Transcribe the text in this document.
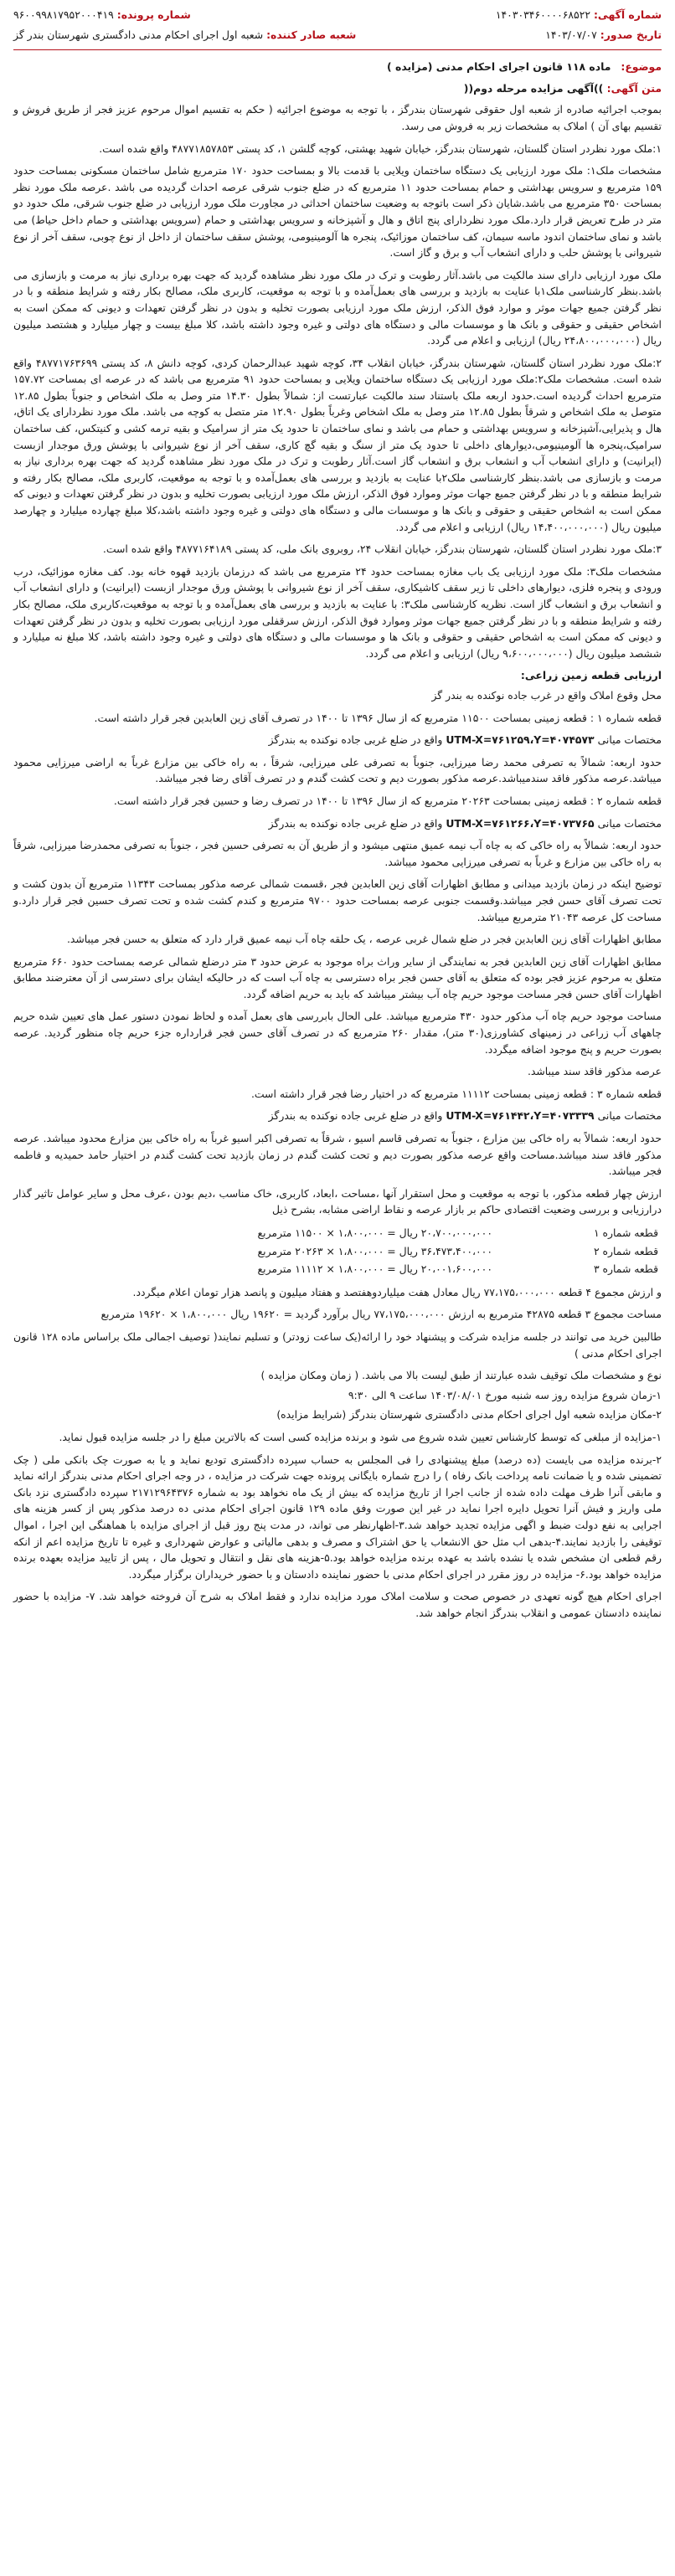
شماره آگهی: ۱۴۰۳۰۳۴۶۰۰۰۰۶۸۵۲۲
تاریخ صدور: ۱۴۰۳/۰۷/۰۷
شماره پرونده: ۹۶۰۰۹۹۸۱۷۹۵۲۰۰۰۴۱۹
شعبه صادر کننده: شعبه اول اجرای احکام مدنی دادگستری شهرستان بندر گز
موضوع:
ماده ۱۱۸ قانون اجرای احکام مدنی (مزایده )
متن آگهی: ))آگهی مزایده مرحله دوم((

بموجب اجرائیه صادره از شعبه اول حقوقی شهرستان بندرگز ، با توجه به موضوع اجرائیه ( حکم به تقسیم اموال مرحوم عزیز فجر از طریق فروش و تقسیم بهای آن ) املاک به مشخصات زیر به فروش می رسد.

۱:ملک مورد نظردر استان گلستان، شهرستان بندرگز، خیابان شهید بهشتی، کوچه گلشن ۱، کد پستی ۴۸۷۷۱۸۵۷۸۵۳ واقع شده است.

مشخصات ملک۱: ملک مورد ارزیابی یک دستگاه ساختمان ویلایی با قدمت بالا و بمساحت حدود ۱۷۰ مترمربع شامل ساختمان مسکونی بمساحت حدود ۱۵۹ مترمربع و سرویس بهداشتی و حمام بمساحت حدود ۱۱ مترمربع که در ضلع جنوب شرقی عرصه احداث گردیده می باشد .عرصه ملک مورد نظر بمساحت ۳۵۰ مترمربع می باشد.شایان ذکر است باتوجه به وضعیت ساختمان احداثی در مجاورت ملک مورد ارزیابی در ضلع جنوب شرقی، ملک حدود دو متر در طرح تعریض قرار دارد.ملک مورد نظردارای پنج اتاق و هال و آشپزخانه و سرویس بهداشتی و حمام (سرویس بهداشتی و حمام داخل حیاط) می باشد و نمای ساختمان اندود ماسه سیمان، کف ساختمان موزائیک، پنجره ها آلومینیومی، پوشش سقف ساختمان از داخل از نوع چوبی، سقف آخر از نوع شیروانی با پوشش حلب و دارای انشعاب آب و برق و گاز است.

ملک مورد ارزیابی دارای سند مالکیت می باشد.آثار رطوبت و ترک در ملک مورد نظر مشاهده گردید که جهت بهره برداری نیاز به مرمت و بازسازی می باشد.بنظر کارشناسی ملک۱با عنایت به بازدید و بررسی های بعمل‌آمده و با توجه به موقعیت، کاربری ملک، مصالح بکار رفته و شرایط منطقه و با در نظر گرفتن جمیع جهات موثر و موارد فوق الذکر، ارزش ملک مورد ارزیابی بصورت تخلیه و بدون در نظر گرفتن تعهدات و دیونی که ممکن است به اشخاص حقیقی و حقوقی و بانک ها و موسسات مالی و دستگاه های دولتی و غیره وجود داشته باشد، کلا مبلغ بیست و چهار میلیارد و هشتصد میلیون ریال (۲۴،۸۰۰،۰۰۰،۰۰۰ ریال) ارزیابی و اعلام می گردد.

۲:ملک مورد نظردر استان گلستان، شهرستان بندرگز، خیابان انقلاب ۳۴، کوچه شهید عبدالرحمان کردی، کوچه دانش ۸، کد پستی ۴۸۷۷۱۷۶۳۶۹۹ واقع شده است. مشخصات ملک۲:ملک مورد ارزیابی یک دستگاه ساختمان ویلایی و بمساحت حدود ۹۱ مترمربع می باشد که در عرصه ای بمساحت ۱۵۷.۷۲ مترمربع احداث گردیده است.حدود اربعه ملک باستناد سند مالکیت عبارتست از: شمالاً بطول ۱۴.۳۰ متر وصل به ملک اشخاص و جنوباً بطول ۱۲.۸۵ متوصل به ملک اشخاص و شرقاً بطول ۱۲.۸۵ متر وصل به ملک اشخاص وغرباً بطول ۱۲.۹۰ متر متصل به کوچه می باشد. ملک مورد نظردارای یک اتاق، هال و پذیرایی،آشپزخانه و سرویس بهداشتی و حمام می باشد و نمای ساختمان تا حدود یک متر از سرامیک و بقیه ترمه کشی و کنیتکس، کف ساختمان سرامیک،پنجره ها آلومینیومی،دیوارهای داخلی تا حدود یک متر از سنگ و بقیه گچ کاری، سقف آخر از نوع شیروانی با پوشش ورق موجدار ازبست (ایرانیت) و دارای انشعاب آب و انشعاب برق و انشعاب گاز است.آثار رطوبت و ترک در ملک مورد نظر مشاهده گردید که جهت بهره برداری نیاز به مرمت و بازسازی می باشد.بنظر کارشناسی ملک۲با عنایت به بازدید و بررسی های بعمل‌آمده و با توجه به موقعیت، کاربری ملک، مصالح بکار رفته و شرایط منطقه و با در نظر گرفتن جمیع جهات موثر وموارد فوق الذکر، ارزش ملک مورد ارزیابی بصورت تخلیه و بدون در نظر گرفتن تعهدات و دیونی که ممکن است به اشخاص حقیقی و حقوقی و بانک ها و موسسات مالی و دستگاه های دولتی و غیره وجود داشته باشد،کلا مبلغ چهارده میلیارد و چهارصد میلیون ریال (۱۴،۴۰۰،۰۰۰،۰۰۰ ریال) ارزیابی و اعلام می گردد.

۳:ملک مورد نظردر استان گلستان، شهرستان بندرگز، خیابان انقلاب ۲۴، روبروی بانک ملی، کد پستی ۴۸۷۷۱۶۴۱۸۹ واقع شده است.

مشخصات ملک۳: ملک مورد ارزیابی یک باب مغازه بمساحت حدود ۲۴ مترمربع می باشد که درزمان بازدید قهوه خانه بود. کف مغازه موزائیک، درب ورودی و پنجره فلزی، دیوارهای داخلی تا زیر سقف کاشیکاری، سقف آخر از نوع شیروانی با پوشش ورق موجدار ازبست (ایرانیت) و دارای انشعاب آب و انشعاب برق و انشعاب گاز است. نظریه کارشناسی ملک۳: با عنایت به بازدید و بررسی های بعمل‌آمده و با توجه به موقعیت،کاربری ملک، مصالح بکار رفته و شرایط منطقه و با در نظر گرفتن جمیع جهات موثر وموارد فوق الذکر، ارزش سرقفلی مورد ارزیابی بصورت تخلیه و بدون در نظر گرفتن تعهدات و دیونی که ممکن است به اشخاص حقیقی و حقوقی و بانک ها و موسسات مالی و دستگاه های دولتی و غیره وجود داشته باشد، کلا مبلغ نه میلیارد و ششصد میلیون ریال (۹،۶۰۰،۰۰۰،۰۰۰ ریال) ارزیابی و اعلام می گردد.

ارزیابی قطعه زمین زراعی:
محل وقوع املاک واقع در غرب جاده نوکنده به بندر گز

قطعه شماره ۱ : قطعه زمینی بمساحت ۱۱۵۰۰ مترمربع که از سال ۱۳۹۶ تا ۱۴۰۰ در تصرف آقای زین العابدین فجر قرار داشته است.

مختصات میانی UTM-X=۷۶۱۲۵۹،Y=۴۰۷۴۵۷۳ واقع در ضلع غربی جاده نوکنده به بندرگز

حدود اربعه: شمالاً به تصرفی محمد رضا میرزایی، جنوباً به تصرفی علی میرزایی، شرقاً ، به راه خاکی بین مزارع غرباً به اراضی میرزایی محمود میباشد.عرصه مذکور فاقد سندمیباشد.عرصه مذکور بصورت دیم و تحت کشت گندم و در تصرف آقای رضا فجر میباشد.

قطعه شماره ۲ : قطعه زمینی بمساحت ۲۰۲۶۳ مترمربع که از سال ۱۳۹۶ تا ۱۴۰۰ در تصرف رضا و حسین فجر قرار داشته است.

مختصات میانی UTM-X=۷۶۱۲۶۶،Y=۴۰۷۳۷۶۵ واقع در ضلع غربی جاده نوکنده به بندرگز

حدود اربعه: شمالاً به راه خاکی که به چاه آب نیمه عمیق منتهی میشود و از طریق آن به تصرفی حسین فجر ، جنوباً به تصرفی محمدرضا میرزایی، شرقاً به راه خاکی بین مزارع و غرباً به تصرفی میرزایی محمود میباشد.

توضیح اینکه در زمان بازدید میدانی و مطابق اظهارات آقای زین العابدین فجر ،قسمت شمالی عرصه مذکور بمساحت ۱۱۳۴۳ مترمربع آن بدون کشت و تحت تصرف آقای حسن فجر میباشد.وقسمت جنوبی عرصه بمساحت حدود ۹۷۰۰ مترمربع و کندم کشت شده و تحت تصرف حسین فجر قرار دارد.و مساحت کل عرصه ۲۱۰۴۳ مترمربع میباشد.

مطابق اظهارات آقای زین العابدین فجر در ضلع شمال غربی عرصه ، یک حلقه چاه آب نیمه عمیق قرار دارد که متعلق به حسن فجر میباشد.

مطابق اظهارات آقای زین العابدین فجر به نمایندگی از سایر وراث براه موجود به عرض حدود ۳ متر درضلع شمالی عرصه بمساحت حدود ۶۶۰ مترمربع متعلق به مرحوم عزیز فجر بوده که متعلق به آقای حسن فجر براه دسترسی به چاه آب است که در حالیکه ایشان برای دسترسی از آن معترضند مطابق اظهارات آقای حسن فجر مساحت موجود حریم چاه آب بیشتر میباشد که باید به حریم اضافه گردد.

مساحت موجود حریم چاه آب مذکور حدود ۴۳۰ مترمربع میباشد. علی الحال بابررسی های بعمل آمده و لحاظ نمودن دستور عمل های تعیین شده حریم چاههای آب زراعی در زمینهای کشاورزی(۳۰ متر)، مقدار ۲۶۰ مترمربع که در تصرف آقای حسن فجر قرارداره جزء حریم چاه منظور گردید. عرصه بصورت حریم و پنج موجود اضافه میگردد.

عرصه مذکور فاقد سند میباشد.

قطعه شماره ۳ : قطعه زمینی بمساحت ۱۱۱۱۲ مترمربع که در اختیار رضا فجر قرار داشته است.

مختصات میانی UTM-X=۷۶۱۴۴۲،Y=۴۰۷۳۳۳۹ واقع در ضلع غربی جاده نوکنده به بندرگز

حدود اربعه: شمالاً به راه خاکی بین مزارع ، جنوباً به تصرفی قاسم اسیو ، شرقاً به تصرفی اکبر اسیو غرباً به راه خاکی بین مزارع محدود میباشد. عرصه مذکور فاقد سند میباشد.مساحت واقع عرصه مذکور بصورت دیم و تحت کشت گندم در زمان بازدید تحت کشت گندم در اختیار حامد حمیدیه و فاطمه فجر میباشد.

ارزش چهار قطعه مذکور، با توجه به موقعیت و محل استقرار آنها ،مساحت ،ابعاد، کاربری، خاک مناسب ،دیم بودن ،عرف محل و سایر عوامل تاثیر گذار درارزیابی و بررسی وضعیت اقتصادی حاکم بر بازار عرصه و نقاط اراضی مشابه، بشرح ذیل

قطعه شماره ۱	۲۰،۷۰۰،۰۰۰،۰۰۰ ریال = ۱،۸۰۰،۰۰۰ × ۱۱۵۰۰ مترمربع
قطعه شماره ۲	۳۶،۴۷۳،۴۰۰،۰۰۰ ریال = ۱،۸۰۰،۰۰۰ × ۲۰۲۶۳ مترمربع
قطعه شماره ۳	۲۰،۰۰۱،۶۰۰،۰۰۰ ریال = ۱،۸۰۰،۰۰۰ × ۱۱۱۱۲ مترمربع

و ارزش مجموع ۴ قطعه ۷۷،۱۷۵،۰۰۰،۰۰۰ ریال معادل هفت میلیاردوهفتصد و هفتاد میلیون و پانصد هزار تومان اعلام میگردد.

مساحت مجموع ۳ قطعه ۴۲۸۷۵ مترمربع به ارزش ۷۷،۱۷۵،۰۰۰،۰۰۰ ریال برآورد گردید = ۱۹۶۲۰ ریال ۱،۸۰۰،۰۰۰ × ۱۹۶۲۰ مترمربع

طالبین خرید می توانند در جلسه مزایده شرکت و پیشنهاد خود را ارائه(یک ساعت زودتر) و تسلیم نمایند( توصیف اجمالی ملک براساس ماده ۱۲۸ قانون اجرای احکام مدنی )

نوع و مشخصات ملک توقیف شده عبارتند از طبق لیست بالا می باشد. ( زمان ومکان مزایده )
۱-زمان شروع مزایده روز سه شنبه مورخ ۱۴۰۳/۰۸/۰۱ ساعت ۹ الی ۹:۳۰
۲-مکان مزایده شعبه اول اجرای احکام مدنی دادگستری شهرستان بندرگز (شرایط مزایده)

۱-مزایده از مبلغی که توسط کارشناس تعیین شده شروع می شود و برنده مزایده کسی است که بالاترین مبلغ را در جلسه مزایده قبول نماید.

۲-برنده مزایده می بایست (ده درصد) مبلغ پیشنهادی را فی المجلس به حساب سپرده دادگستری تودیع نماید و یا به صورت چک بانکی ملی ( چک تضمینی شده و یا ضمانت نامه پرداخت بانک رفاه ) را درج شماره بایگانی پرونده جهت شرکت در مزایده ، در وجه اجرای احکام مدنی بندرگز ارائه نماید و مابقی آنرا ظرف مهلت داده شده از جانب اجرا از تاریخ مزایده که بیش از یک ماه نخواهد بود به شماره ۲۱۷۱۲۹۶۴۳۷۶ سپرده دادگستری نزد بانک ملی واریز و فیش آنرا تحویل دایره اجرا نماید در غیر این صورت وفق ماده ۱۲۹ قانون اجرای احکام مدنی ده درصد مذکور پس از کسر هزینه های اجرایی به نفع دولت ضبط و اگهی مزایده تجدید خواهد شد.۳-اظهارنظر می تواند، در مدت پنج روز قبل از اجرای مزایده با هماهنگی این اجرا ، اموال توقیفی را بازدید نمایند.۴-بدهی اب مثل حق الانشعاب یا حق اشتراک و مصرف و بدهی مالیاتی و عوارض شهرداری و غیره تا تاریخ مزایده اعم از انکه رقم قطعی ان مشخص شده یا نشده باشد به عهده برنده مزایده خواهد بود.۵-هزینه های نقل و انتقال و تحویل مال ، پس از تایید مزایده بعهده برنده مزایده خواهد بود.۶- مزایده در روز مقرر در اجرای احکام مدنی با حضور نماینده دادستان و با حضور خریداران برگزار میگردد.

اجرای احکام هیچ گونه تعهدی در خصوص صحت و سلامت املاک مورد مزایده ندارد و فقط املاک به شرح آن فروخته خواهد شد. ۷- مزایده با حضور نماینده دادستان عمومی و انقلاب بندرگز انجام خواهد شد.
